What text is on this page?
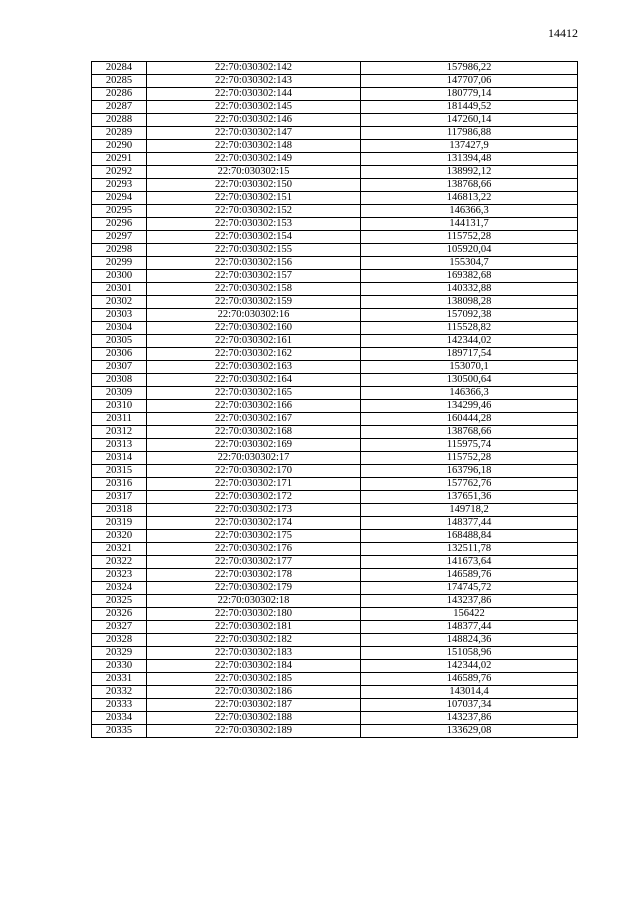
14412
20284	22:70:030302:142	157986,22
20285	22:70:030302:143	147707,06
20286	22:70:030302:144	180779,14
20287	22:70:030302:145	181449,52
20288	22:70:030302:146	147260,14
20289	22:70:030302:147	117986,88
20290	22:70:030302:148	137427,9
20291	22:70:030302:149	131394,48
20292	22:70:030302:15	138992,12
20293	22:70:030302:150	138768,66
20294	22:70:030302:151	146813,22
20295	22:70:030302:152	146366,3
20296	22:70:030302:153	144131,7
20297	22:70:030302:154	115752,28
20298	22:70:030302:155	105920,04
20299	22:70:030302:156	155304,7
20300	22:70:030302:157	169382,68
20301	22:70:030302:158	140332,88
20302	22:70:030302:159	138098,28
20303	22:70:030302:16	157092,38
20304	22:70:030302:160	115528,82
20305	22:70:030302:161	142344,02
20306	22:70:030302:162	189717,54
20307	22:70:030302:163	153070,1
20308	22:70:030302:164	130500,64
20309	22:70:030302:165	146366,3
20310	22:70:030302:166	134299,46
20311	22:70:030302:167	160444,28
20312	22:70:030302:168	138768,66
20313	22:70:030302:169	115975,74
20314	22:70:030302:17	115752,28
20315	22:70:030302:170	163796,18
20316	22:70:030302:171	157762,76
20317	22:70:030302:172	137651,36
20318	22:70:030302:173	149718,2
20319	22:70:030302:174	148377,44
20320	22:70:030302:175	168488,84
20321	22:70:030302:176	132511,78
20322	22:70:030302:177	141673,64
20323	22:70:030302:178	146589,76
20324	22:70:030302:179	174745,72
20325	22:70:030302:18	143237,86
20326	22:70:030302:180	156422
20327	22:70:030302:181	148377,44
20328	22:70:030302:182	148824,36
20329	22:70:030302:183	151058,96
20330	22:70:030302:184	142344,02
20331	22:70:030302:185	146589,76
20332	22:70:030302:186	143014,4
20333	22:70:030302:187	107037,34
20334	22:70:030302:188	143237,86
20335	22:70:030302:189	133629,08
